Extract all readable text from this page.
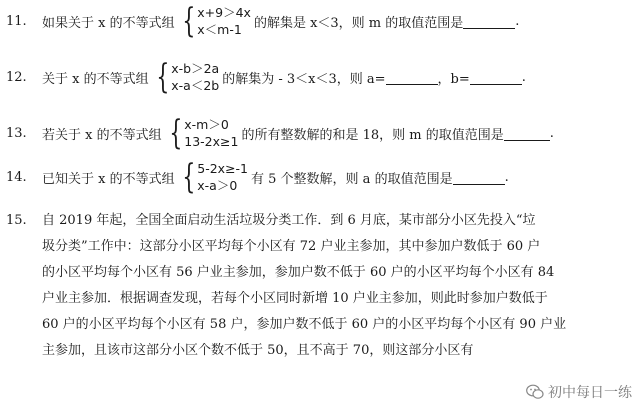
11.	如果关于 x 的不等式组 { x+9＞4x
x＜m-1 的解集是 x＜3，则 m 的取值范围是	.
12.	关于 x 的不等式组 { x-b＞2a
x-a＜2b 的解集为 - 3＜x＜3，则 a=	，b=	.
13.	若关于 x 的不等式组 { x-m＞0
13-2x≥1 的所有整数解的和是 18，则 m 的取值范围是	.
14.	已知关于 x 的不等式组 { 5-2x≥-1
x-a＞0	有 5 个整数解，则 a 的取值范围是	.
15. 自 2019 年起，全国全面启动生活垃圾分类工作．到 6 月底，某市部分小区先投入“垃
圾分类”工作中：这部分小区平均每个小区有 72 户业主参加，其中参加户数低于 60 户
的小区平均每个小区有 56 户业主参加，参加户数不低于 60 户的小区平均每个小区有 84
户业主参加．根据调查发现，若每个小区同时新增 10 户业主参加，则此时参加户数低于
60 户的小区平均每个小区有 58 户，参加户数不低于 60 户的小区平均每个小区有 90 户业
主参加，且该市这部分小区个数不低于 50，且不高于 70，则这部分小区有
初中每日一练
